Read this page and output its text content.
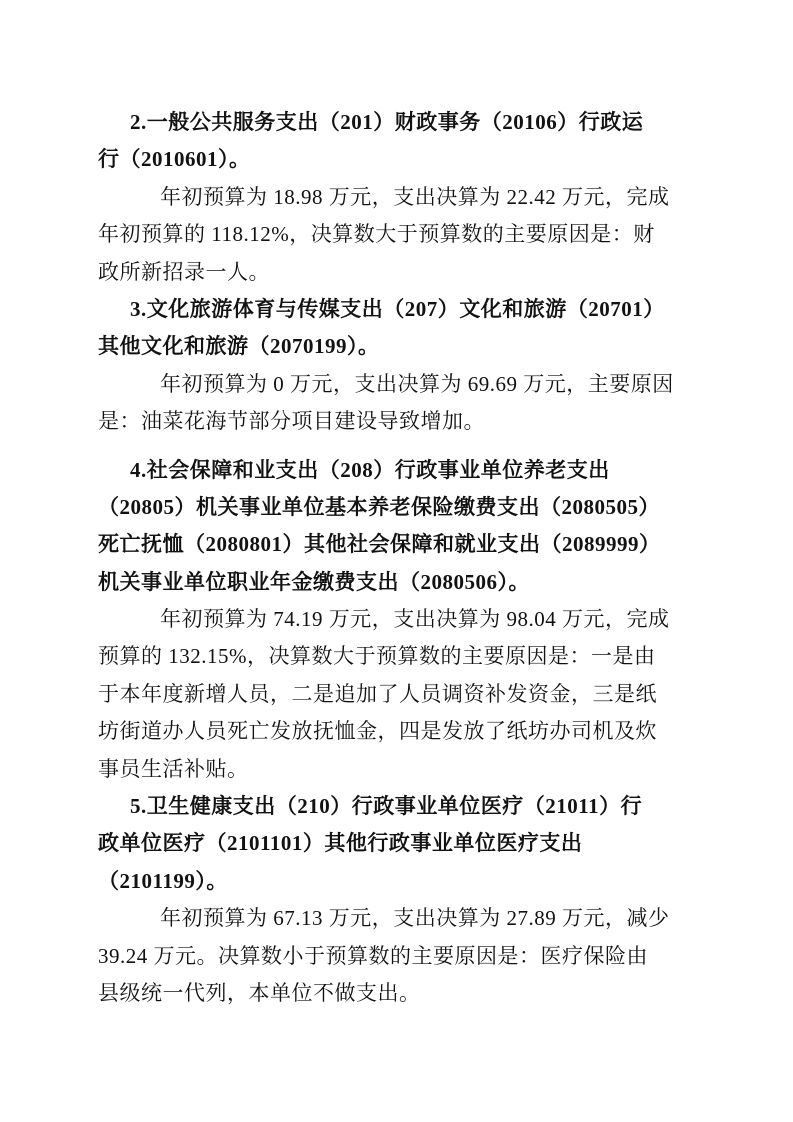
2.一般公共服务支出（201）财政事务（20106）行政运
行（2010601）。
年初预算为 18.98 万元，支出决算为 22.42 万元，完成
年初预算的 118.12%，决算数大于预算数的主要原因是：财
政所新招录一人。
3.文化旅游体育与传媒支出（207）文化和旅游（20701）
其他文化和旅游（2070199）。
年初预算为 0 万元，支出决算为 69.69 万元，主要原因
是：油菜花海节部分项目建设导致增加。
4.社会保障和业支出（208）行政事业单位养老支出
（20805）机关事业单位基本养老保险缴费支出（2080505）
死亡抚恤（2080801）其他社会保障和就业支出（2089999）
机关事业单位职业年金缴费支出（2080506）。
年初预算为 74.19 万元，支出决算为 98.04 万元，完成
预算的 132.15%，决算数大于预算数的主要原因是：一是由
于本年度新增人员，二是追加了人员调资补发资金，三是纸
坊街道办人员死亡发放抚恤金，四是发放了纸坊办司机及炊
事员生活补贴。
5.卫生健康支出（210）行政事业单位医疗（21011）行
政单位医疗（2101101）其他行政事业单位医疗支出
（2101199）。
年初预算为 67.13 万元，支出决算为 27.89 万元，减少
39.24 万元。决算数小于预算数的主要原因是：医疗保险由
县级统一代列，本单位不做支出。
